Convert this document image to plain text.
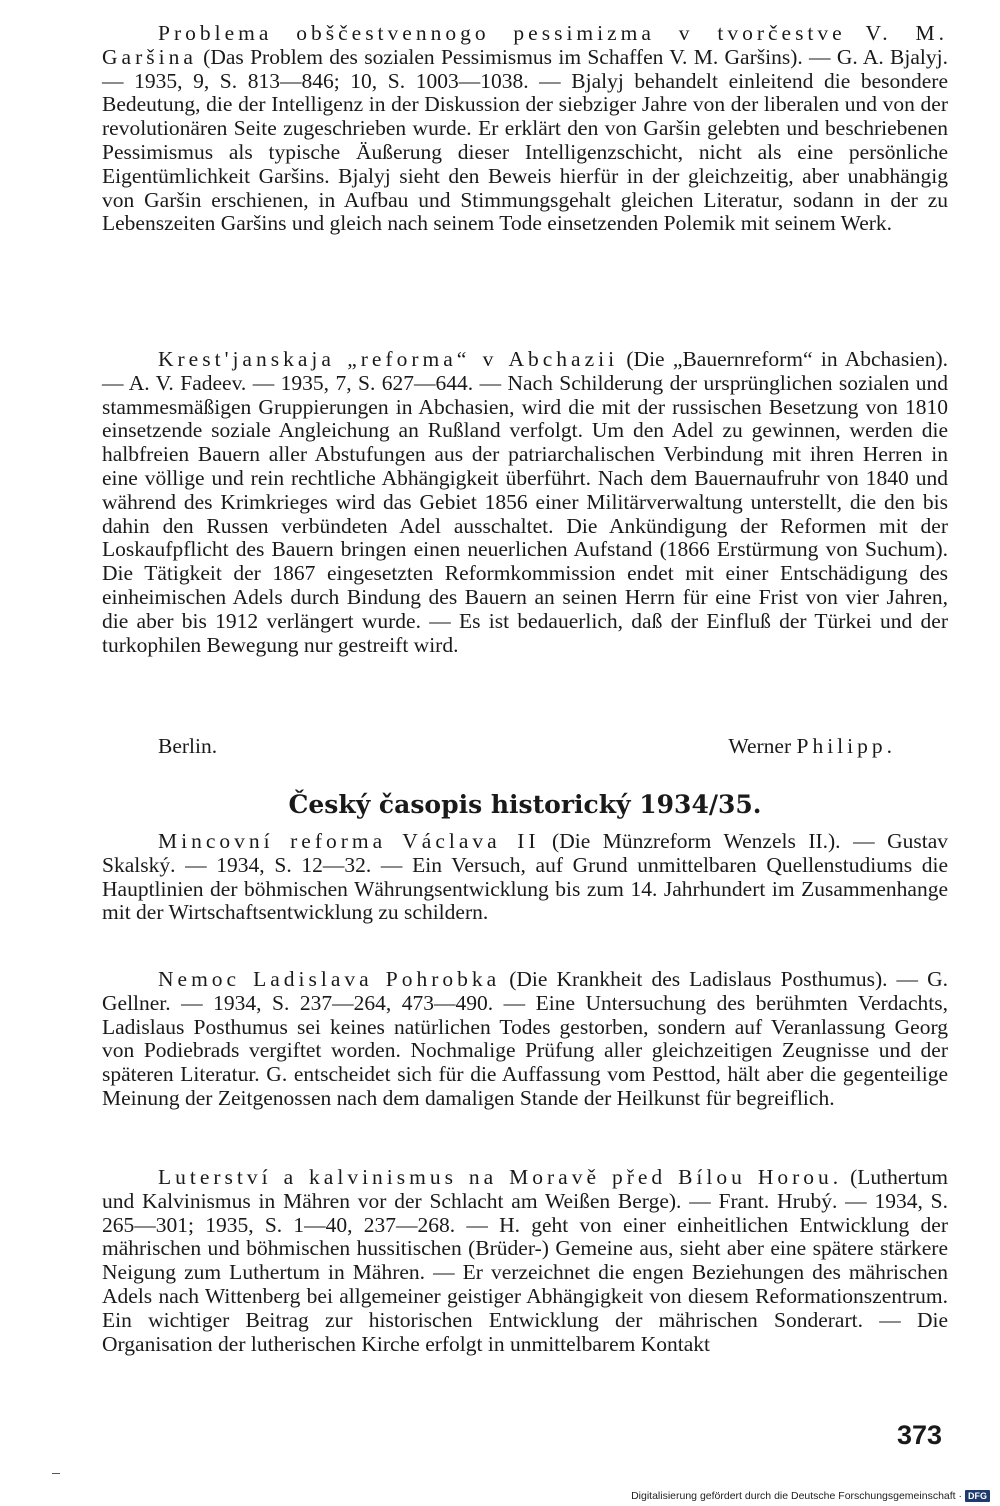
Problema obščestvennogo pessimizma v tvorčestve V. M. Garšina (Das Problem des sozialen Pessimismus im Schaffen V. M. Garšins). — G. A. Bjalyj. — 1935, 9, S. 813—846; 10, S. 1003—1038. — Bjalyj behandelt einleitend die besondere Bedeutung, die der Intelligenz in der Diskussion der siebziger Jahre von der liberalen und von der revolutionären Seite zugeschrieben wurde. Er erklärt den von Garšin gelebten und beschriebenen Pessimismus als typische Äußerung dieser Intelligenzschicht, nicht als eine persönliche Eigentümlichkeit Garšins. Bjalyj sieht den Beweis hierfür in der gleichzeitig, aber unabhängig von Garšin erschienen, in Aufbau und Stimmungsgehalt gleichen Literatur, sodann in der zu Lebenszeiten Garšins und gleich nach seinem Tode einsetzenden Polemik mit seinem Werk.

Krest'janskaja „reforma“ v Abchazii (Die „Bauernreform“ in Abchasien). — A. V. Fadeev. — 1935, 7, S. 627—644. — Nach Schilderung der ursprünglichen sozialen und stammesmäßigen Gruppierungen in Abchasien, wird die mit der russischen Besetzung von 1810 einsetzende soziale Angleichung an Rußland verfolgt. Um den Adel zu gewinnen, werden die halbfreien Bauern aller Abstufungen aus der patriarchalischen Verbindung mit ihren Herren in eine völlige und rein rechtliche Abhängigkeit überführt. Nach dem Bauernaufruhr von 1840 und während des Krimkrieges wird das Gebiet 1856 einer Militärverwaltung unterstellt, die den bis dahin den Russen verbündeten Adel ausschaltet. Die Ankündigung der Reformen mit der Loskaufpflicht des Bauern bringen einen neuerlichen Aufstand (1866 Erstürmung von Suchum). Die Tätigkeit der 1867 eingesetzten Reformkommission endet mit einer Entschädigung des einheimischen Adels durch Bindung des Bauern an seinen Herrn für eine Frist von vier Jahren, die aber bis 1912 verlängert wurde. — Es ist bedauerlich, daß der Einfluß der Türkei und der turkophilen Bewegung nur gestreift wird.

Berlin.	Werner Philipp.
Český časopis historický 1934/35.

Mincovní reforma Václava II (Die Münzreform Wenzels II.). — Gustav Skalský. — 1934, S. 12—32. — Ein Versuch, auf Grund unmittelbaren Quellenstudiums die Hauptlinien der böhmischen Währungsentwicklung bis zum 14. Jahrhundert im Zusammenhange mit der Wirtschaftsentwicklung zu schildern.

Nemoc Ladislava Pohrobka (Die Krankheit des Ladislaus Posthumus). — G. Gellner. — 1934, S. 237—264, 473—490. — Eine Untersuchung des berühmten Verdachts, Ladislaus Posthumus sei keines natürlichen Todes gestorben, sondern auf Veranlassung Georg von Podiebrads vergiftet worden. Nochmalige Prüfung aller gleichzeitigen Zeugnisse und der späteren Literatur. G. entscheidet sich für die Auffassung vom Pesttod, hält aber die gegenteilige Meinung der Zeitgenossen nach dem damaligen Stande der Heilkunst für begreiflich.

Luterství a kalvinismus na Moravě před Bílou Horou. (Luthertum und Kalvinismus in Mähren vor der Schlacht am Weißen Berge). — Frant. Hrubý. — 1934, S. 265—301; 1935, S. 1—40, 237—268. — H. geht von einer einheitlichen Entwicklung der mährischen und böhmischen hussitischen (Brüder-) Gemeine aus, sieht aber eine spätere stärkere Neigung zum Luthertum in Mähren. — Er verzeichnet die engen Beziehungen des mährischen Adels nach Wittenberg bei allgemeiner geistiger Abhängigkeit von diesem Reformationszentrum. Ein wichtiger Beitrag zur historischen Entwicklung der mährischen Sonderart. — Die Organisation der lutherischen Kirche erfolgt in unmittelbarem Kontakt

373
Digitalisierung gefördert durch die Deutsche Forschungsgemeinschaft · DFG
